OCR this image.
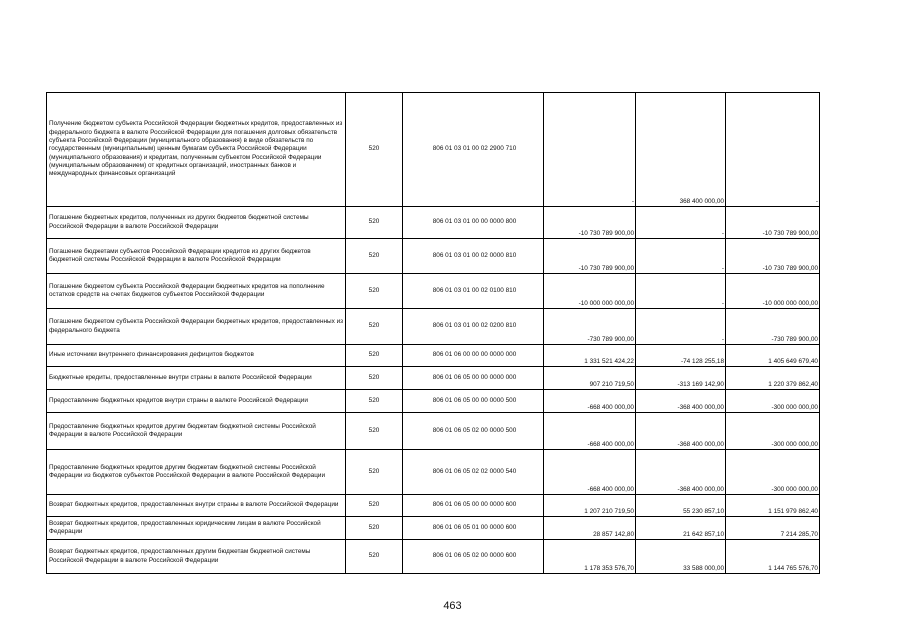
Получение бюджетом субъекта Российской Федерации бюджетных кредитов, предоставленных из федерального бюджета в валюте Российской Федерации для погашения долговых обязательств субъекта Российской Федерации (муниципального образования) в виде обязательств по государственным (муниципальным) ценным бумагам субъекта Российской Федерации (муниципального образования) и кредитам, полученным субъектом Российской Федерации (муниципальным образованием) от кредитных организаций, иностранных банков и международных финансовых организаций	520	806 01 03 01 00 02 2900 710	-	368 400 000,00	-
Погашение бюджетных кредитов, полученных из других бюджетов бюджетной системы Российской Федерации в валюте Российской Федерации	520	806 01 03 01 00 00 0000 800	-10 730 789 900,00	-	-10 730 789 900,00
Погашение бюджетами субъектов Российской Федерации кредитов из других бюджетов бюджетной системы Российской Федерации в валюте Российской Федерации	520	806 01 03 01 00 02 0000 810	-10 730 789 900,00	-	-10 730 789 900,00
Погашение бюджетом субъекта Российской Федерации бюджетных кредитов на пополнение остатков средств на счетах бюджетов субъектов Российской Федерации	520	806 01 03 01 00 02 0100 810	-10 000 000 000,00	-	-10 000 000 000,00
Погашение бюджетом субъекта Российской Федерации бюджетных кредитов, предоставленных из федерального бюджета	520	806 01 03 01 00 02 0200 810	-730 789 900,00	-	-730 789 900,00
Иные источники внутреннего финансирования дефицитов бюджетов	520	806 01 06 00 00 00 0000 000	1 331 521 424,22	-74 128 255,18	1 405 649 679,40
Бюджетные кредиты, предоставленные внутри страны в валюте Российской Федерации	520	806 01 06 05 00 00 0000 000	907 210 719,50	-313 169 142,90	1 220 379 862,40
Предоставление бюджетных кредитов внутри страны в валюте Российской Федерации	520	806 01 06 05 00 00 0000 500	-668 400 000,00	-368 400 000,00	-300 000 000,00
Предоставление бюджетных кредитов другим бюджетам бюджетной системы Российской Федерации в валюте Российской Федерации	520	806 01 06 05 02 00 0000 500	-668 400 000,00	-368 400 000,00	-300 000 000,00
Предоставление бюджетных кредитов другим бюджетам бюджетной системы Российской Федерации из бюджетов субъектов Российской Федерации в валюте Российской Федерации	520	806 01 06 05 02 02 0000 540	-668 400 000,00	-368 400 000,00	-300 000 000,00
Возврат бюджетных кредитов, предоставленных внутри страны в валюте Российской Федерации	520	806 01 06 05 00 00 0000 600	1 207 210 719,50	55 230 857,10	1 151 979 862,40
Возврат бюджетных кредитов, предоставленных юридическим лицам в валюте Российской Федерации	520	806 01 06 05 01 00 0000 600	28 857 142,80	21 642 857,10	7 214 285,70
Возврат бюджетных кредитов, предоставленных другим бюджетам бюджетной системы Российской Федерации в валюте Российской Федерации	520	806 01 06 05 02 00 0000 600	1 178 353 576,70	33 588 000,00	1 144 765 576,70
463
